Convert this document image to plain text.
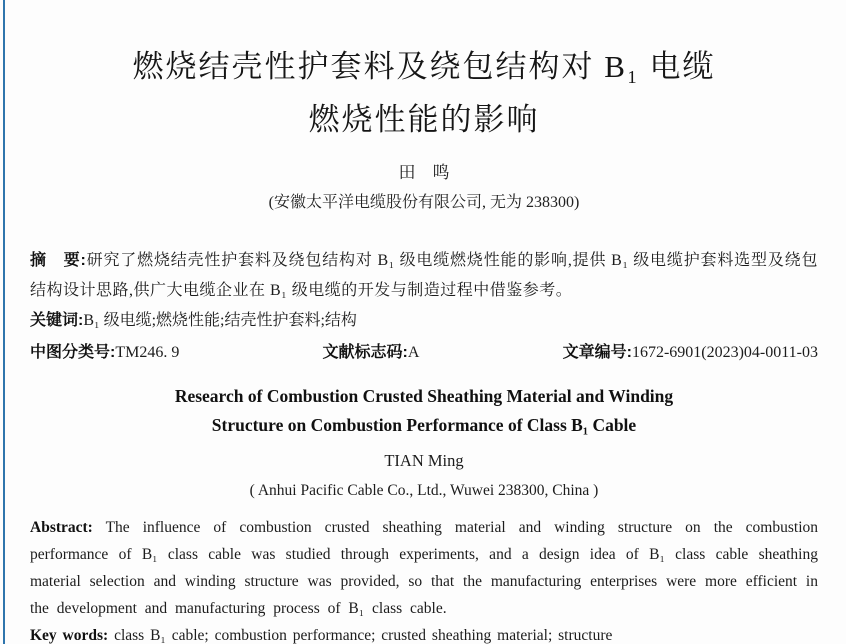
燃烧结壳性护套料及绕包结构对 B₁ 电缆
燃烧性能的影响
田　鸣
(安徽太平洋电缆股份有限公司, 无为 238300)

摘　要:研究了燃烧结壳性护套料及绕包结构对 B₁ 级电缆燃烧性能的影响,提供 B₁ 级电缆护套料选型及绕包结构设计思路,供广大电缆企业在 B₁ 级电缆的开发与制造过程中借鉴参考。

关键词:B₁ 级电缆;燃烧性能;结壳性护套料;结构

中图分类号:TM246. 9	文献标志码:A	文章编号:1672-6901(2023)04-0011-03
Research of Combustion Crusted Sheathing Material and Winding
Structure on Combustion Performance of Class B₁ Cable
TIAN Ming
( Anhui Pacific Cable Co., Ltd., Wuwei 238300, China )

Abstract: The influence of combustion crusted sheathing material and winding structure on the combustion performance of B₁ class cable was studied through experiments, and a design idea of B₁ class cable sheathing material selection and winding structure was provided, so that the manufacturing enterprises were more efficient in the development and manufacturing process of B₁ class cable.

Key words: class B₁ cable; combustion performance; crusted sheathing material; structure
